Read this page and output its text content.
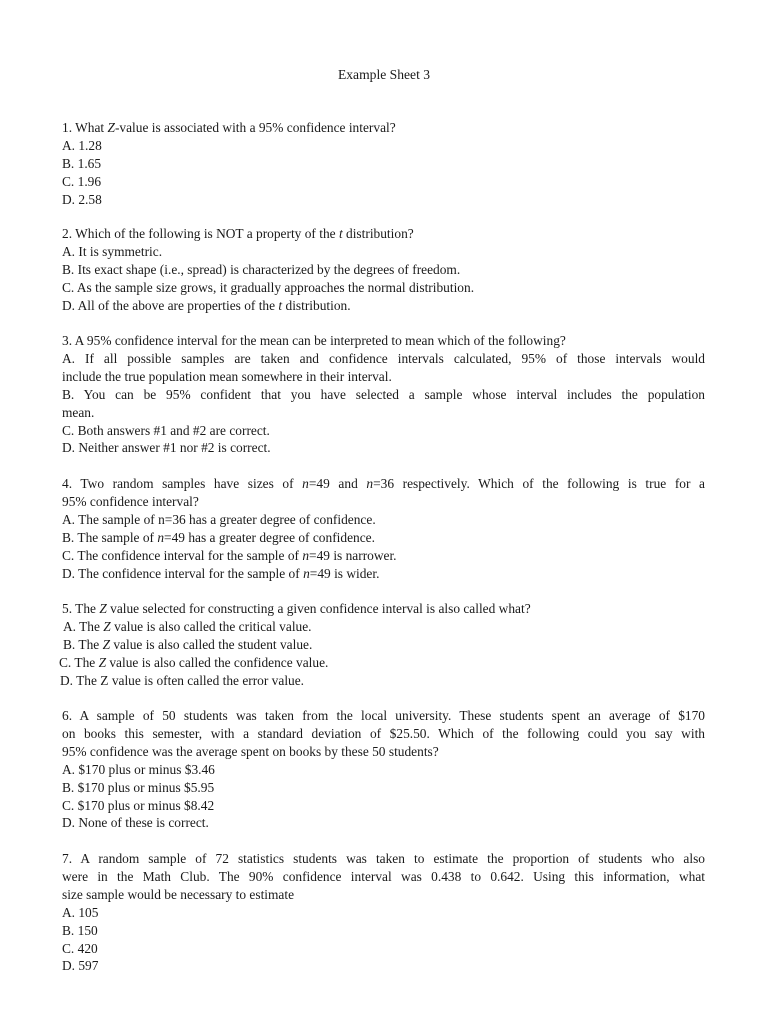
Example Sheet 3
1. What Z-value is associated with a 95% confidence interval?
A. 1.28
B. 1.65
C. 1.96
D. 2.58
2. Which of the following is NOT a property of the t distribution?
A. It is symmetric.
B. Its exact shape (i.e., spread) is characterized by the degrees of freedom.
C. As the sample size grows, it gradually approaches the normal distribution.
D. All of the above are properties of the t distribution.
3. A 95% confidence interval for the mean can be interpreted to mean which of the following?
A. If all possible samples are taken and confidence intervals calculated, 95% of those intervals would
include the true population mean somewhere in their interval.
B. You can be 95% confident that you have selected a sample whose interval includes the population
mean.
C. Both answers #1 and #2 are correct.
D. Neither answer #1 nor #2 is correct.
4. Two random samples have sizes of n=49 and n=36 respectively. Which of the following is true for a
95% confidence interval?
A. The sample of n=36 has a greater degree of confidence.
B. The sample of n=49 has a greater degree of confidence.
C. The confidence interval for the sample of n=49 is narrower.
D. The confidence interval for the sample of n=49 is wider.
5. The Z value selected for constructing a given confidence interval is also called what?
A. The Z value is also called the critical value.
B. The Z value is also called the student value.
C. The Z value is also called the confidence value.
D. The Z value is often called the error value.
6. A sample of 50 students was taken from the local university. These students spent an average of $170
on books this semester, with a standard deviation of $25.50. Which of the following could you say with
95% confidence was the average spent on books by these 50 students?
A. $170 plus or minus $3.46
B. $170 plus or minus $5.95
C. $170 plus or minus $8.42
D. None of these is correct.
7. A random sample of 72 statistics students was taken to estimate the proportion of students who also
were in the Math Club. The 90% confidence interval was 0.438 to 0.642. Using this information, what
size sample would be necessary to estimate
A. 105
B. 150
C. 420
D. 597
